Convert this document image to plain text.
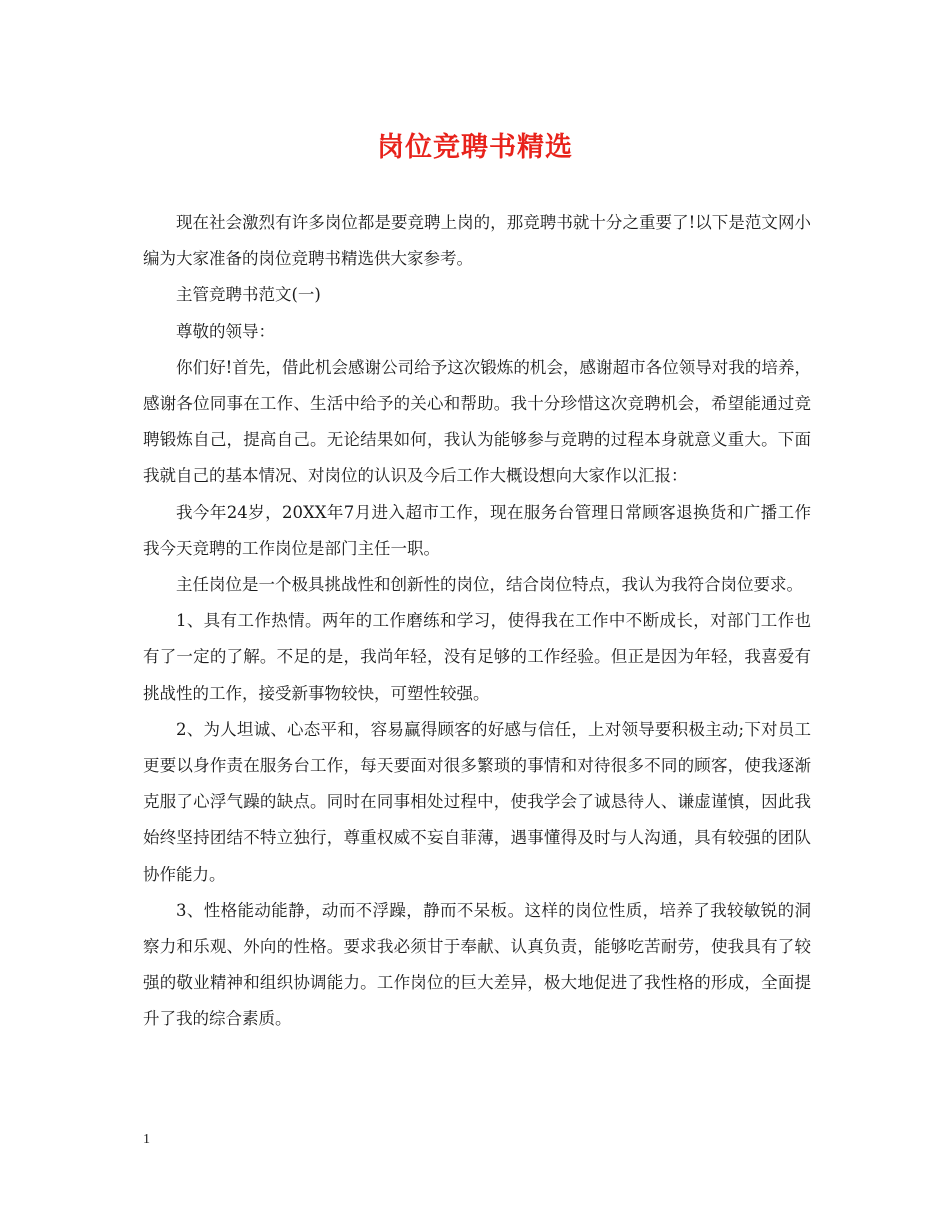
岗位竞聘书精选

现在社会激烈有许多岗位都是要竞聘上岗的，那竞聘书就十分之重要了!以下是范文网小编为大家准备的岗位竞聘书精选供大家参考。

主管竞聘书范文(一)

尊敬的领导：

你们好!首先，借此机会感谢公司给予这次锻炼的机会，感谢超市各位领导对我的培养，感谢各位同事在工作、生活中给予的关心和帮助。我十分珍惜这次竞聘机会，希望能通过竞聘锻炼自己，提高自己。无论结果如何，我认为能够参与竞聘的过程本身就意义重大。下面我就自己的基本情况、对岗位的认识及今后工作大概设想向大家作以汇报：

我今年24岁，20XX年7月进入超市工作，现在服务台管理日常顾客退换货和广播工作我今天竞聘的工作岗位是部门主任一职。

主任岗位是一个极具挑战性和创新性的岗位，结合岗位特点，我认为我符合岗位要求。

1、具有工作热情。两年的工作磨练和学习，使得我在工作中不断成长，对部门工作也有了一定的了解。不足的是，我尚年轻，没有足够的工作经验。但正是因为年轻，我喜爱有挑战性的工作，接受新事物较快，可塑性较强。

2、为人坦诚、心态平和，容易赢得顾客的好感与信任，上对领导要积极主动;下对员工更要以身作责在服务台工作，每天要面对很多繁琐的事情和对待很多不同的顾客，使我逐渐克服了心浮气躁的缺点。同时在同事相处过程中，使我学会了诚恳待人、谦虚谨慎，因此我始终坚持团结不特立独行，尊重权威不妄自菲薄，遇事懂得及时与人沟通，具有较强的团队协作能力。

3、性格能动能静，动而不浮躁，静而不呆板。这样的岗位性质，培养了我较敏锐的洞察力和乐观、外向的性格。要求我必须甘于奉献、认真负责，能够吃苦耐劳，使我具有了较强的敬业精神和组织协调能力。工作岗位的巨大差异，极大地促进了我性格的形成，全面提升了我的综合素质。

1
